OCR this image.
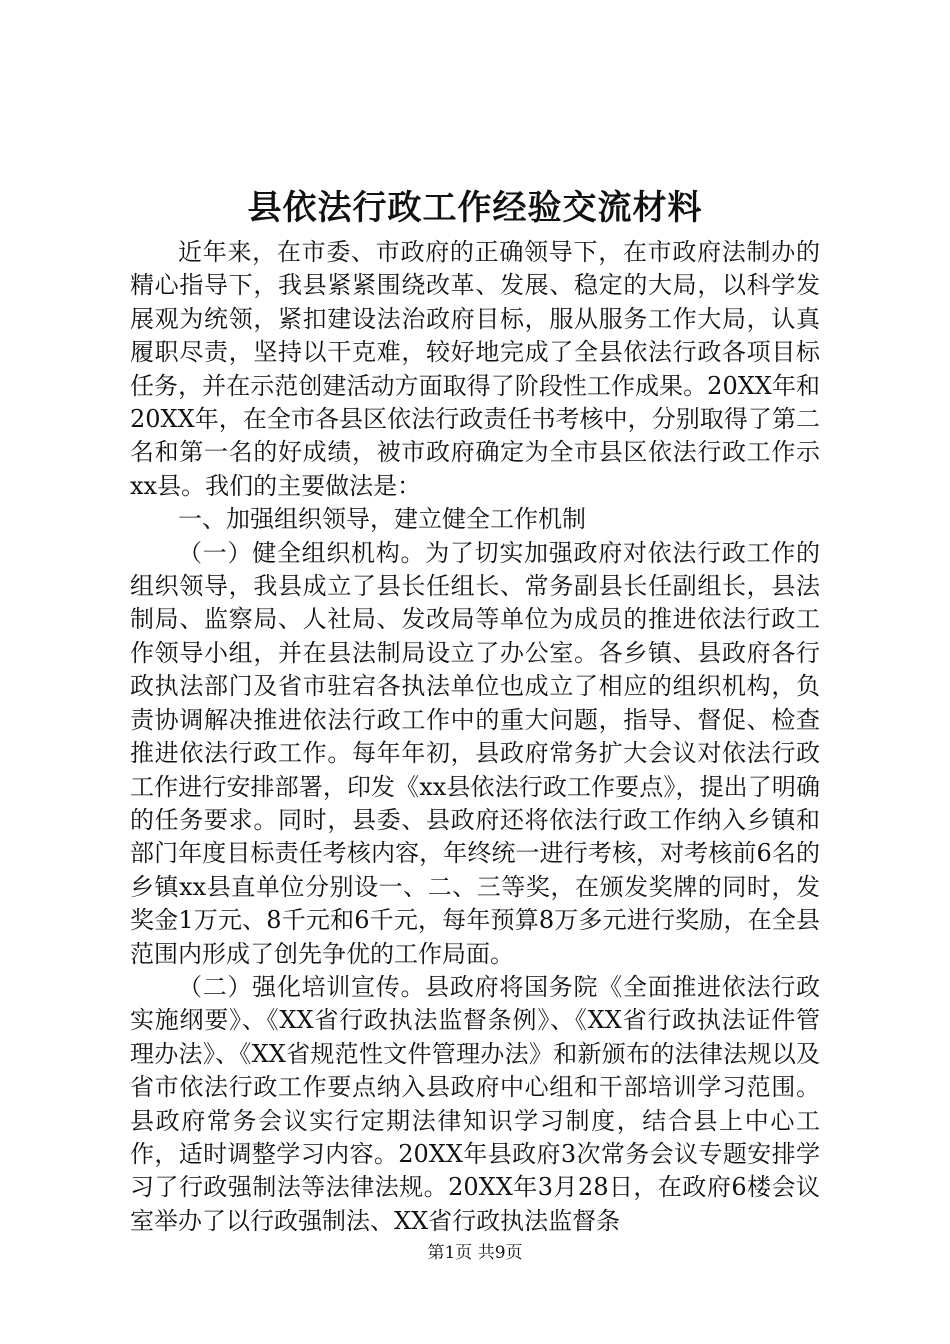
县依法行政工作经验交流材料

近年来，在市委、市政府的正确领导下，在市政府法制办的精心指导下，我县紧紧围绕改革、发展、稳定的大局，以科学发展观为统领，紧扣建设法治政府目标，服从服务工作大局，认真履职尽责，坚持以干克难，较好地完成了全县依法行政各项目标任务，并在示范创建活动方面取得了阶段性工作成果。20XX年和20XX年，在全市各县区依法行政责任书考核中，分别取得了第二名和第一名的好成绩，被市政府确定为全市县区依法行政工作示xx县。我们的主要做法是：

一、加强组织领导，建立健全工作机制

（一）健全组织机构。为了切实加强政府对依法行政工作的组织领导，我县成立了县长任组长、常务副县长任副组长，县法制局、监察局、人社局、发改局等单位为成员的推进依法行政工作领导小组，并在县法制局设立了办公室。各乡镇、县政府各行政执法部门及省市驻宕各执法单位也成立了相应的组织机构，负责协调解决推进依法行政工作中的重大问题，指导、督促、检查推进依法行政工作。每年年初，县政府常务扩大会议对依法行政工作进行安排部署，印发《xx县依法行政工作要点》，提出了明确的任务要求。同时，县委、县政府还将依法行政工作纳入乡镇和部门年度目标责任考核内容，年终统一进行考核，对考核前6名的乡镇xx县直单位分别设一、二、三等奖，在颁发奖牌的同时，发奖金1万元、8千元和6千元，每年预算8万多元进行奖励，在全县范围内形成了创先争优的工作局面。

（二）强化培训宣传。县政府将国务院《全面推进依法行政实施纲要》、《XX省行政执法监督条例》、《XX省行政执法证件管理办法》、《XX省规范性文件管理办法》和新颁布的法律法规以及省市依法行政工作要点纳入县政府中心组和干部培训学习范围。县政府常务会议实行定期法律知识学习制度，结合县上中心工作，适时调整学习内容。20XX年县政府3次常务会议专题安排学习了行政强制法等法律法规。20XX年3月28日，在政府6楼会议室举办了以行政强制法、XX省行政执法监督条

第1页 共9页
